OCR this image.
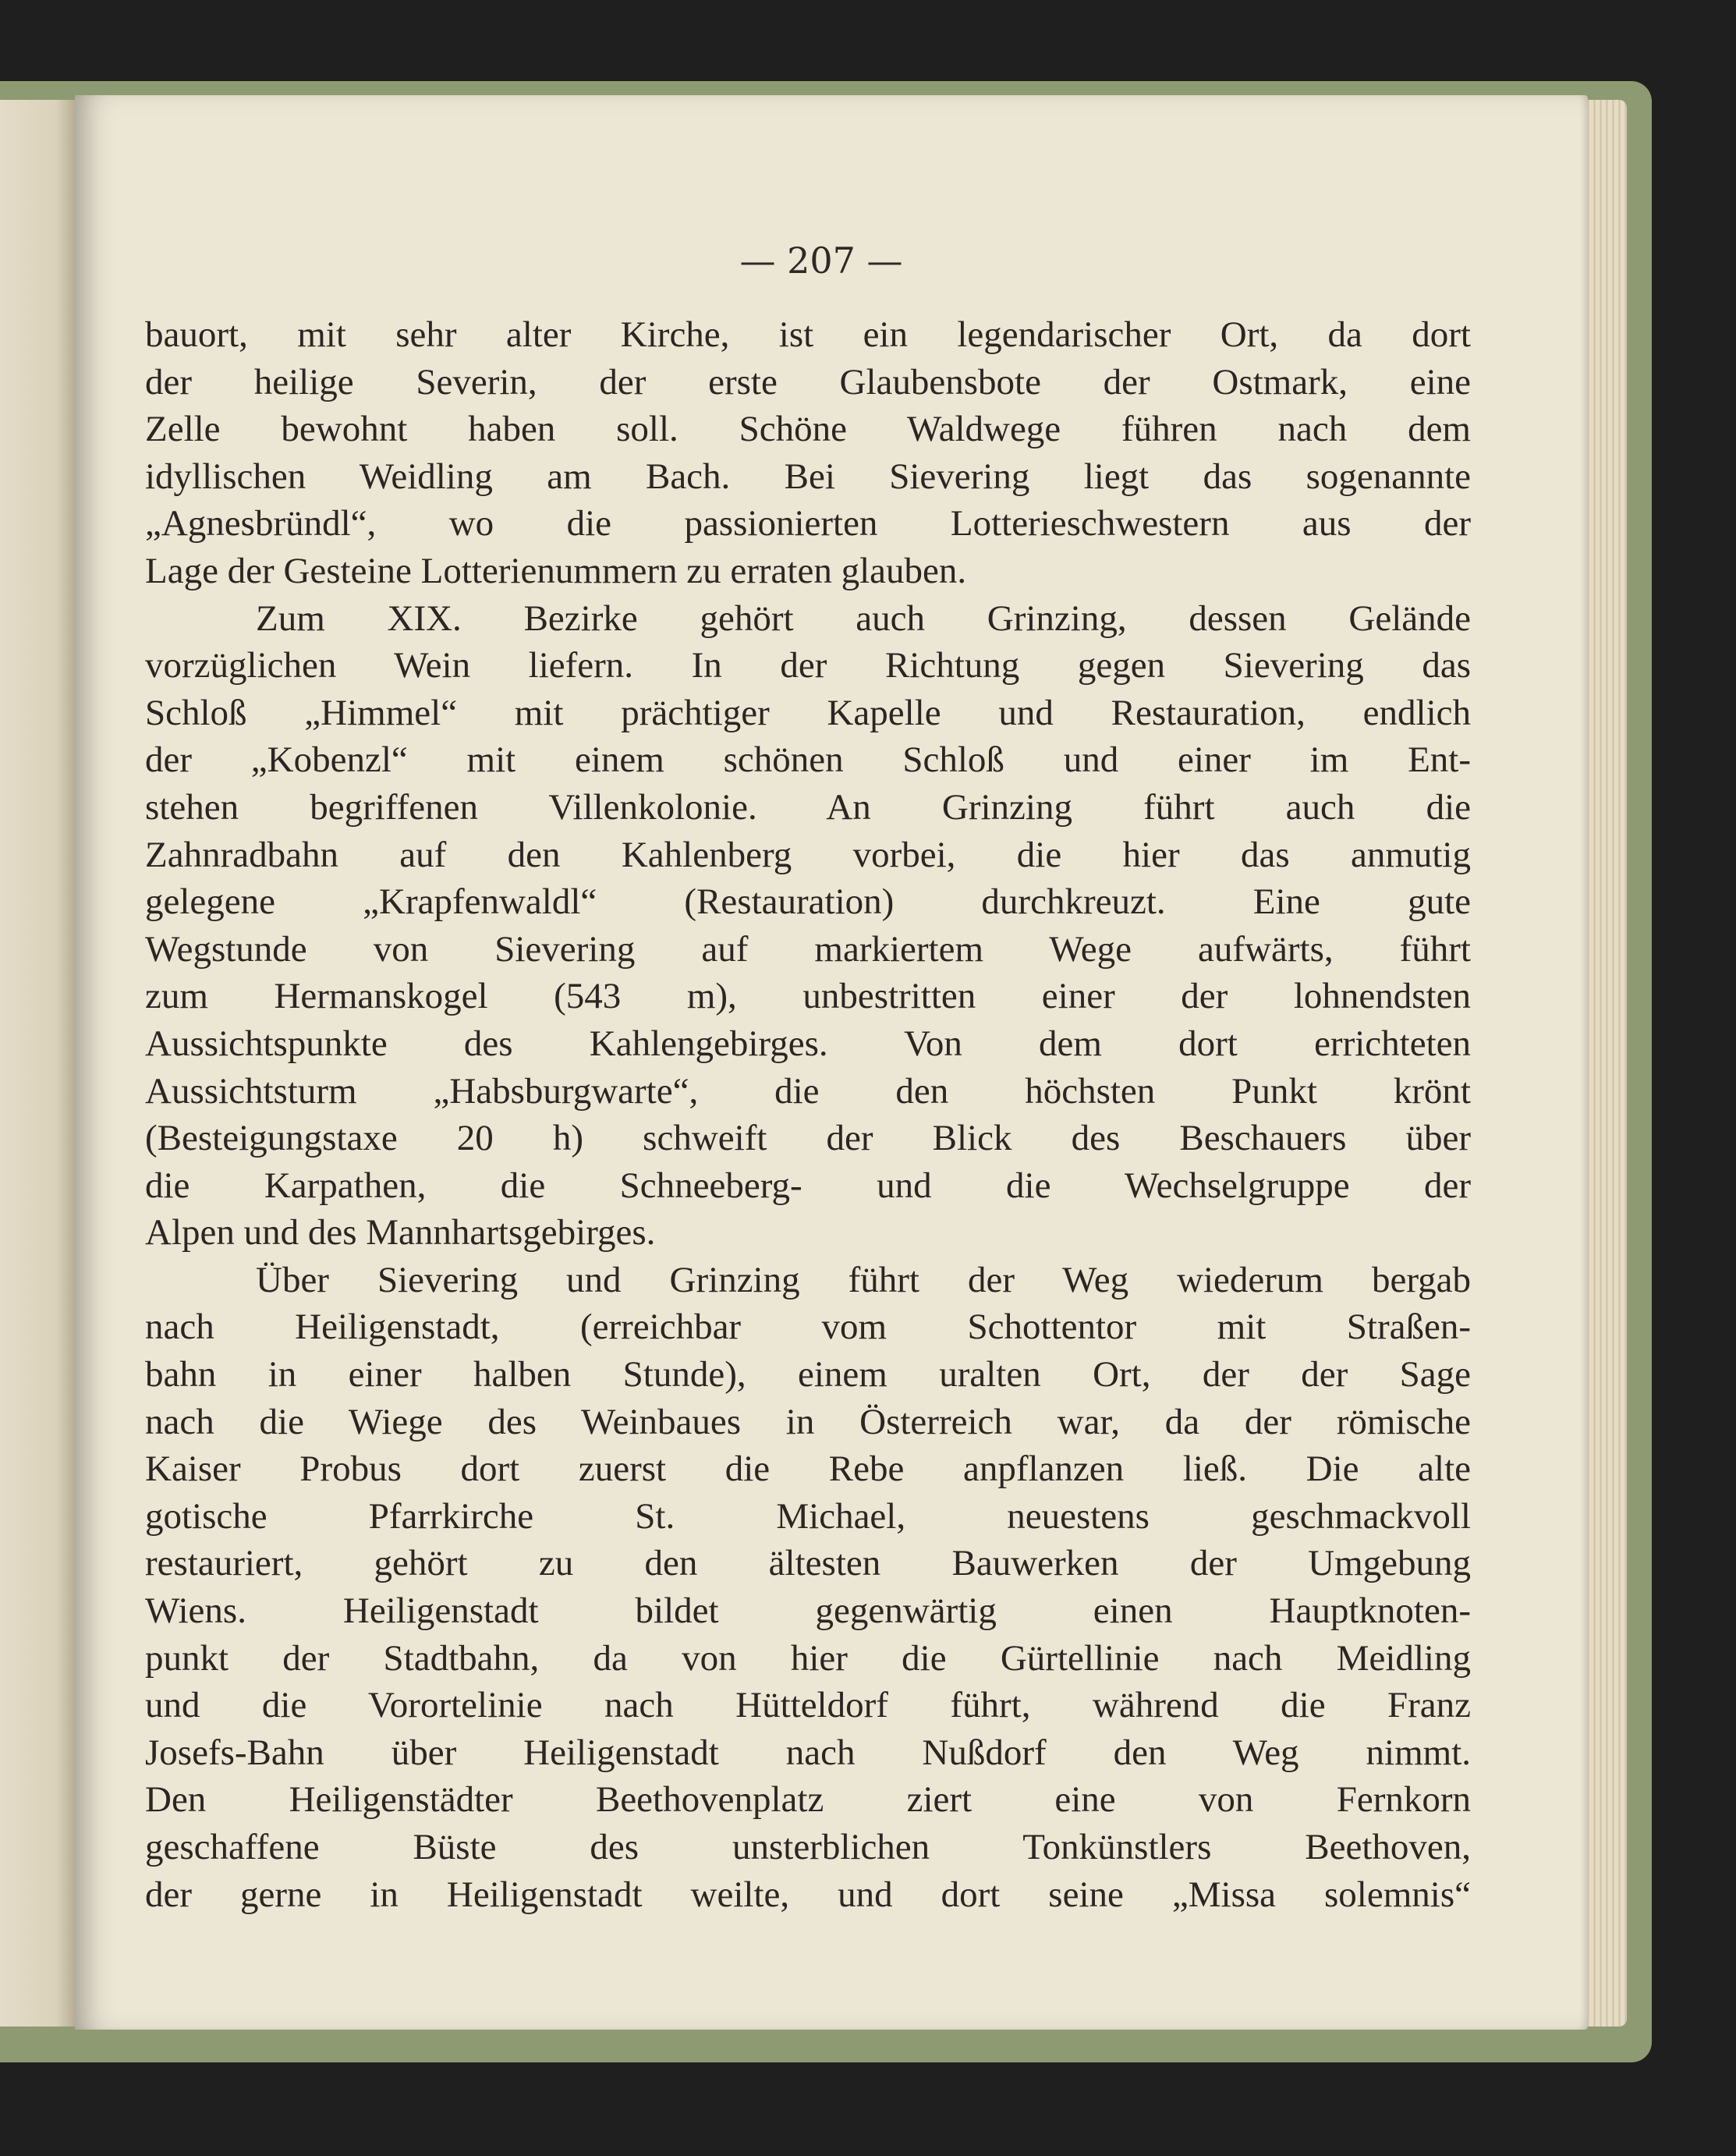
— 207 —

bauort, mit sehr alter Kirche, ist ein legendarischer Ort, da dort
der heilige Severin, der erste Glaubensbote der Ostmark, eine
Zelle bewohnt haben soll. Schöne Waldwege führen nach dem
idyllischen Weidling am Bach. Bei Sievering liegt das sogenannte
„Agnesbründl“, wo die passionierten Lotterieschwestern aus der
Lage der Gesteine Lotterienummern zu erraten glauben.
Zum XIX. Bezirke gehört auch Grinzing, dessen Gelände
vorzüglichen Wein liefern. In der Richtung gegen Sievering das
Schloß „Himmel“ mit prächtiger Kapelle und Restauration, endlich
der „Kobenzl“ mit einem schönen Schloß und einer im Ent-
stehen begriffenen Villenkolonie. An Grinzing führt auch die
Zahnradbahn auf den Kahlenberg vorbei, die hier das anmutig
gelegene „Krapfenwaldl“ (Restauration) durchkreuzt. Eine gute
Wegstunde von Sievering auf markiertem Wege aufwärts, führt
zum Hermanskogel (543 m), unbestritten einer der lohnendsten
Aussichtspunkte des Kahlengebirges. Von dem dort errichteten
Aussichtsturm „Habsburgwarte“, die den höchsten Punkt krönt
(Besteigungstaxe 20 h) schweift der Blick des Beschauers über
die Karpathen, die Schneeberg- und die Wechselgruppe der
Alpen und des Mannhartsgebirges.
Über Sievering und Grinzing führt der Weg wiederum bergab
nach Heiligenstadt, (erreichbar vom Schottentor mit Straßen-
bahn in einer halben Stunde), einem uralten Ort, der der Sage
nach die Wiege des Weinbaues in Österreich war, da der römische
Kaiser Probus dort zuerst die Rebe anpflanzen ließ. Die alte
gotische Pfarrkirche St. Michael, neuestens geschmackvoll
restauriert, gehört zu den ältesten Bauwerken der Umgebung
Wiens. Heiligenstadt bildet gegenwärtig einen Hauptknoten-
punkt der Stadtbahn, da von hier die Gürtellinie nach Meidling
und die Vorortelinie nach Hütteldorf führt, während die Franz
Josefs-Bahn über Heiligenstadt nach Nußdorf den Weg nimmt.
Den Heiligenstädter Beethovenplatz ziert eine von Fernkorn
geschaffene Büste des unsterblichen Tonkünstlers Beethoven,
der gerne in Heiligenstadt weilte, und dort seine „Missa solemnis“
